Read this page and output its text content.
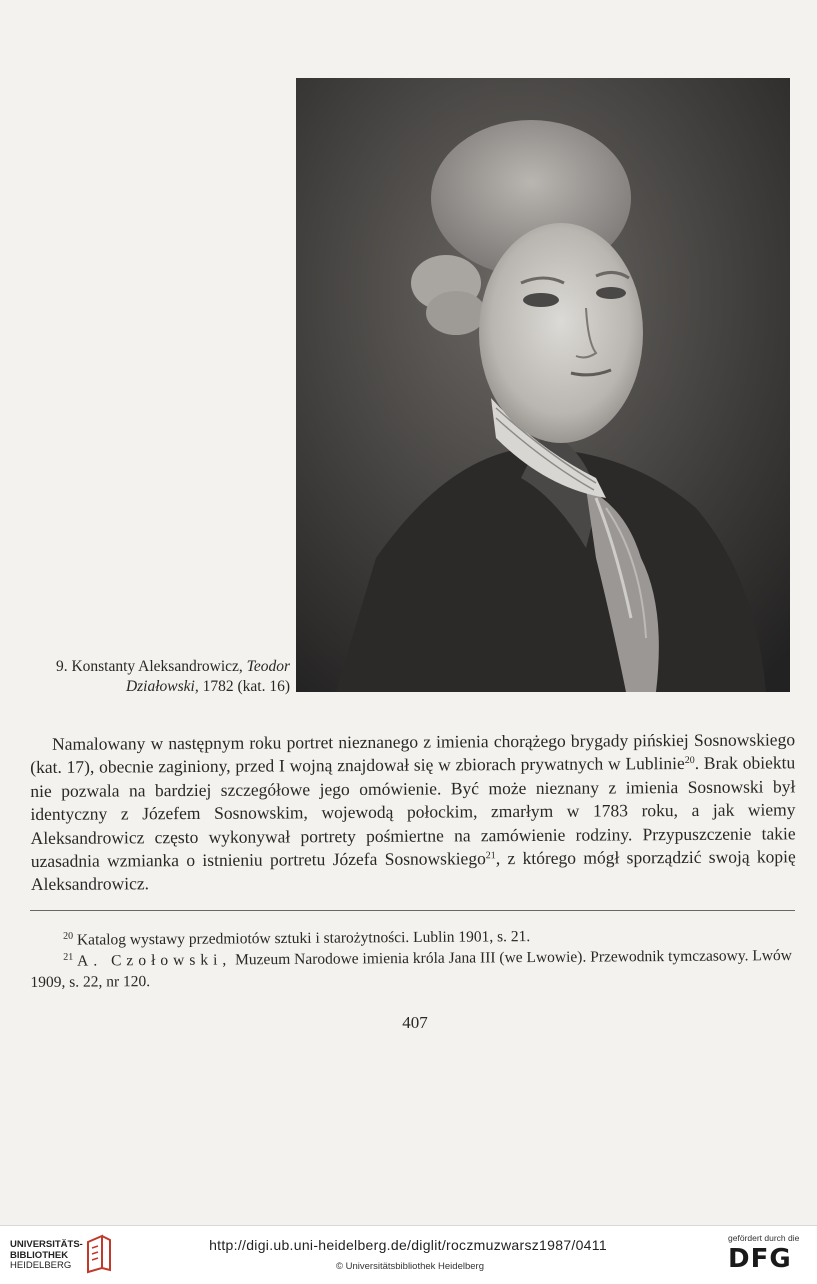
9. Konstanty Aleksandrowicz, Teodor
Działowski, 1782 (kat. 16)

Namalowany w następnym roku portret nieznanego z imienia chorążego brygady pińskiej Sosnowskiego (kat. 17), obecnie zaginiony, przed I wojną znajdował się w zbiorach prywatnych w Lublinie$^{20}$. Brak obiektu nie pozwala na bardziej szczegółowe jego omówienie. Być może nieznany z imienia Sosnowski był identyczny z Józefem Sosnowskim, wojewodą połockim, zmarłym w 1783 roku, a jak wiemy Aleksandrowicz często wykonywał portrety pośmiertne na zamówienie rodziny. Przypuszczenie takie uzasadnia wzmianka o istnieniu portretu Józefa Sosnowskiego$^{21}$, z którego mógł sporządzić swoją kopię Aleksandrowicz.

$^{20}$ Katalog wystawy przedmiotów sztuki i starożytności. Lublin 1901, s. 21.

$^{21}$ A. Czołowski, Muzeum Narodowe imienia króla Jana III (we Lwowie). Przewodnik tymczasowy. Lwów 1909, s. 22, nr 120.

407
UNIVERSITÄTS-
BIBLIOTHEK
HEIDELBERG
http://digi.ub.uni-heidelberg.de/diglit/roczmuzwarsz1987/0411
© Universitätsbibliothek Heidelberg
gefördert durch die
DFG
